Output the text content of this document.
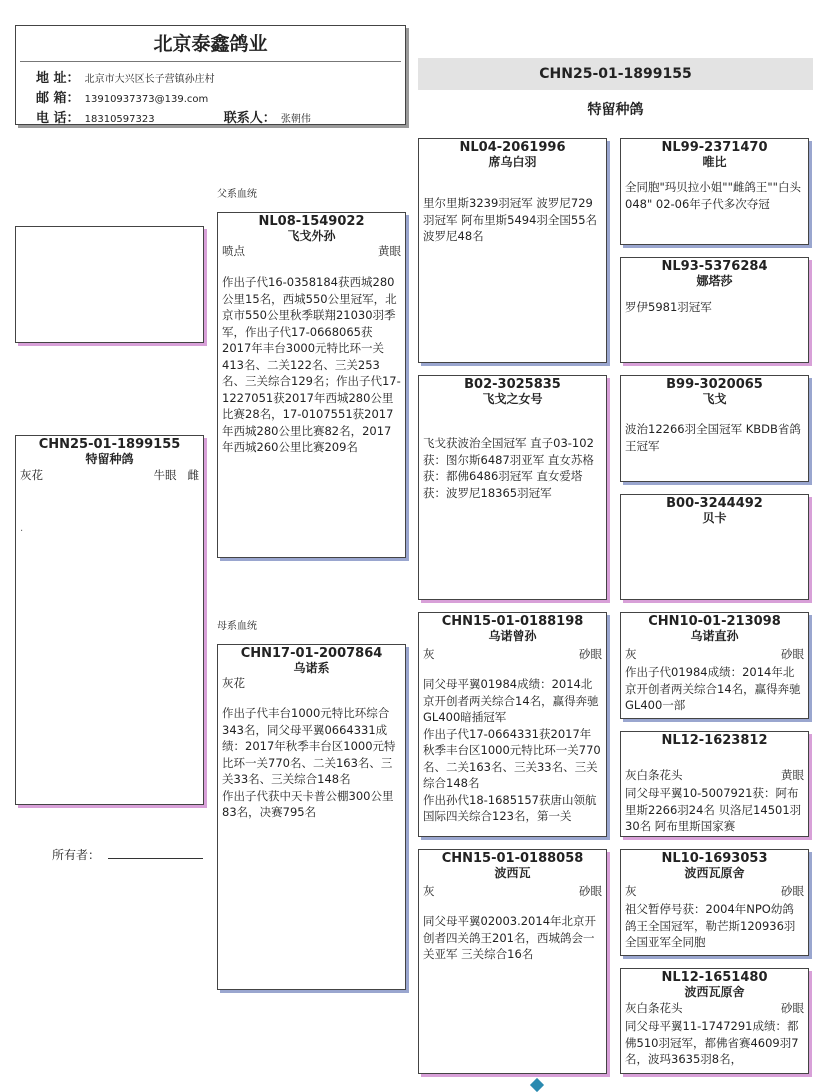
北京泰鑫鸽业
地 址： 北京市大兴区长子营镇孙庄村
邮 箱： 13910937373@139.com
电 话： 18310597323	联系人： 张朝伟
CHN25-01-1899155
特留种鸽
CHN25-01-1899155
特留种鸽
灰花	牛眼 雌
.
所有者：
父系血统
母系血统
NL08-1549022
飞戈外孙
喷点	黄眼
作出子代16-0358184获西城280公里15名，西城550公里冠军，北京市550公里秋季联翔21030羽季军，作出子代17-0668065获2017年丰台3000元特比环一关413名、二关122名、三关253名、三关综合129名；作出子代17-1227051获2017年西城280公里比赛28名，17-0107551获2017年西城280公里比赛82名，2017年西城260公里比赛209名
CHN17-01-2007864
乌诺系
灰花
作出子代丰台1000元特比环综合343名，同父母平翼0664331成绩：2017年秋季丰台区1000元特比环一关770名、二关163名、三关33名、三关综合148名
作出子代获中天卡普公棚300公里83名，决赛795名
NL04-2061996
席乌白羽
里尔里斯3239羽冠军 波罗尼729羽冠军 阿布里斯5494羽全国55名 波罗尼48名
B02-3025835
飞戈之女号
飞戈获波治全国冠军 直子03-102获：图尔斯6487羽亚军 直女苏格获：都佛6486羽冠军 直女爱塔获：波罗尼18365羽冠军
CHN15-01-0188198
乌诺曾孙
灰	砂眼
同父母平翼01984成绩：2014北京开创者两关综合14名，赢得奔驰GL400暗插冠军
作出子代17-0664331获2017年秋季丰台区1000元特比环一关770名、二关163名、三关33名、三关综合148名
作出孙代18-1685157获唐山领航国际四关综合123名，第一关
CHN15-01-0188058
波西瓦
灰	砂眼
同父母平翼02003.2014年北京开创者四关鸽王201名，西城鸽会一关亚军 三关综合16名
NL99-2371470
唯比
全同胞"玛贝拉小姐""雌鸽王""白头048" 02-06年子代多次夺冠
NL93-5376284
娜塔莎
罗伊5981羽冠军
B99-3020065
飞戈
波治12266羽全国冠军 KBDB省鸽王冠军
B00-3244492
贝卡
CHN10-01-213098
乌诺直孙
灰	砂眼
作出子代01984成绩：2014年北京开创者两关综合14名，赢得奔驰GL400一部
NL12-1623812
灰白条花头	黄眼
同父母平翼10-5007921获：阿布里斯2266羽24名 贝洛尼14501羽30名 阿布里斯国家赛
NL10-1693053
波西瓦原舍
灰	砂眼
祖父暂停号获：2004年NPO幼鸽鸽王全国冠军，勒芒斯120936羽全国亚军全同胞
NL12-1651480
波西瓦原舍
灰白条花头	砂眼
同父母平翼11-1747291成绩：都佛510羽冠军，都佛省赛4609羽7名，波玛3635羽8名，
